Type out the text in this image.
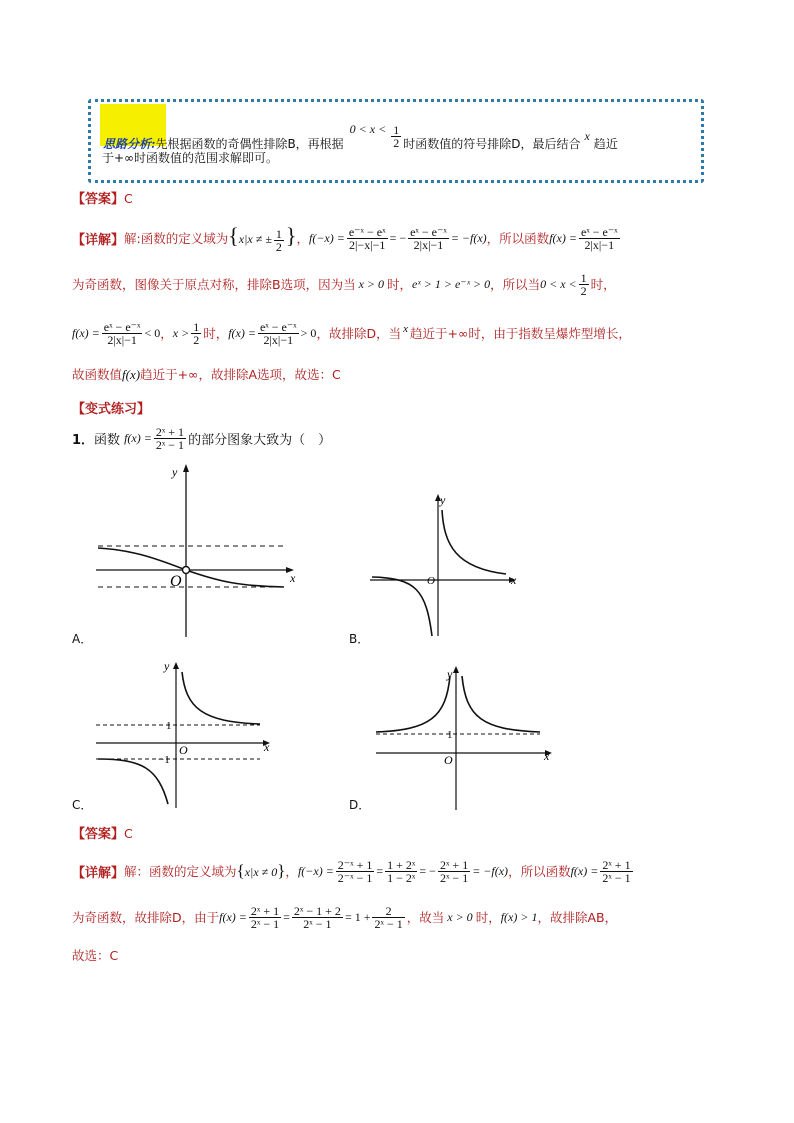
思路分析: 先根据函数的奇偶性排除B，再根据
$0 < x < \frac{1}{2}$ 时函数值的符号排除D，最后结合
x
趋近
于+∞时函数值的范围求解即可。
【答案】C
【详解】 解:函数的定义域为 {x|x ≠ ± $\frac{1}{2}$ } ， $f(-x) = \frac{\text{e⁻ˣ − eˣ}}{2|-x|-1}$ = − $\frac{\text{eˣ − e⁻ˣ}}{2|x|-1} = -f(x)$ ，所以函数 $f(x) = \frac{\text{eˣ − e⁻ˣ}}{2|x|-1}$
为奇函数，图像关于原点对称，排除B选项，因为当 x > 0 时， eˣ > 1 > e⁻ˣ > 0 ，所以当 $0 < x < \frac{1}{2}$ 时，
$f(x) = \frac{\text{eˣ − e⁻ˣ}}{2|x|-1} < 0$ ， $x > \frac{1}{2}$ 时， $f(x) = \frac{\text{eˣ − e⁻ˣ}}{2|x|-1} > 0$ ，故排除D，当 x 趋近于+∞时，由于指数呈爆炸型增长，
故函数值f(x)趋近于+∞，故排除A选项，故选：C
【变式练习】
1． 函数 $f(x) = \frac{\text{2ˣ + 1}}{\text{2ˣ − 1}}$ 的部分图象大致为（　）
y
x
O
A．
y
x
O
B．
y
x
O
1
−1
C．
y
x
O
1
D．
【答案】C
【详解】 解：函数的定义域为 {x|x ≠ 0} ， $f(-x) = \frac{\text{2⁻ˣ + 1}}{\text{2⁻ˣ − 1}} = \frac{\text{1 + 2ˣ}}{\text{1 − 2ˣ}}$ = − $\frac{\text{2ˣ + 1}}{\text{2ˣ − 1}} = -f(x)$ ，所以函数 $f(x) = \frac{\text{2ˣ + 1}}{\text{2ˣ − 1}}$
为奇函数，故排除D，由于 $f(x) = \frac{\text{2ˣ + 1}}{\text{2ˣ − 1}} = \frac{\text{2ˣ − 1 + 2}}{\text{2ˣ − 1}} = 1 + \frac{2}{\text{2ˣ − 1}}$ ，故当 x > 0 时， f(x) > 1 ，故排除AB，
故选：C
